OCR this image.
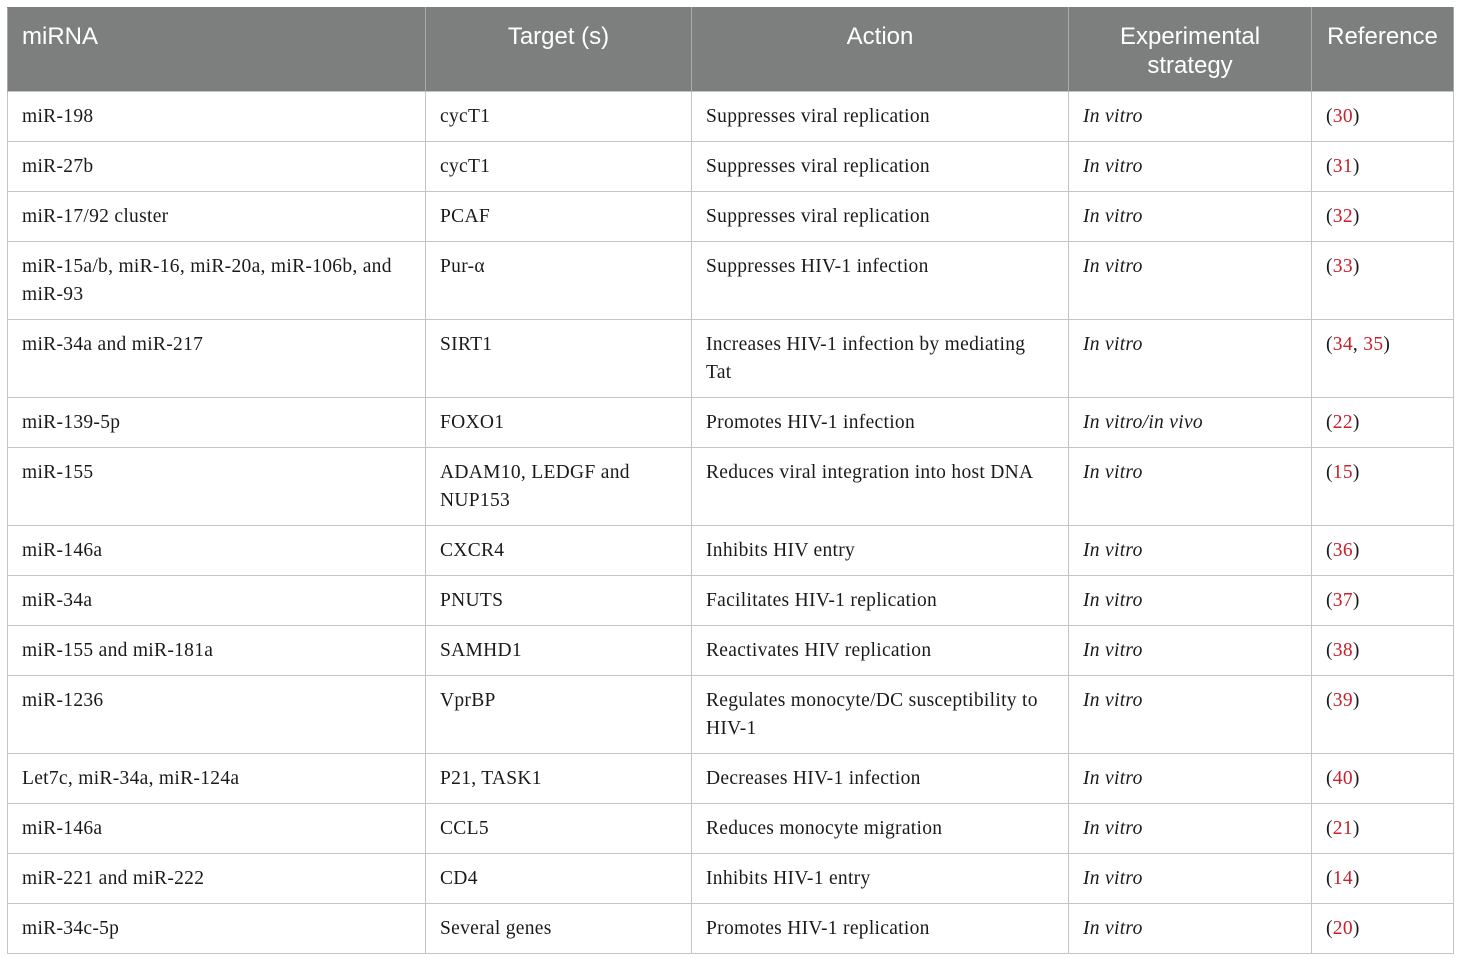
miRNA	Target (s)	Action	Experimental strategy	Reference
miR-198	cycT1	Suppresses viral replication	In vitro	(30)
miR-27b	cycT1	Suppresses viral replication	In vitro	(31)
miR-17/92 cluster	PCAF	Suppresses viral replication	In vitro	(32)
miR-15a/b, miR-16, miR-20a, miR-106b, and miR-93	Pur-α	Suppresses HIV-1 infection	In vitro	(33)
miR-34a and miR-217	SIRT1	Increases HIV-1 infection by mediating Tat	In vitro	(34, 35)
miR-139-5p	FOXO1	Promotes HIV-1 infection	In vitro/in vivo	(22)
miR-155	ADAM10, LEDGF and NUP153	Reduces viral integration into host DNA	In vitro	(15)
miR-146a	CXCR4	Inhibits HIV entry	In vitro	(36)
miR-34a	PNUTS	Facilitates HIV-1 replication	In vitro	(37)
miR-155 and miR-181a	SAMHD1	Reactivates HIV replication	In vitro	(38)
miR-1236	VprBP	Regulates monocyte/DC susceptibility to HIV-1	In vitro	(39)
Let7c, miR-34a, miR-124a	P21, TASK1	Decreases HIV-1 infection	In vitro	(40)
miR-146a	CCL5	Reduces monocyte migration	In vitro	(21)
miR-221 and miR-222	CD4	Inhibits HIV-1 entry	In vitro	(14)
miR-34c-5p	Several genes	Promotes HIV-1 replication	In vitro	(20)
